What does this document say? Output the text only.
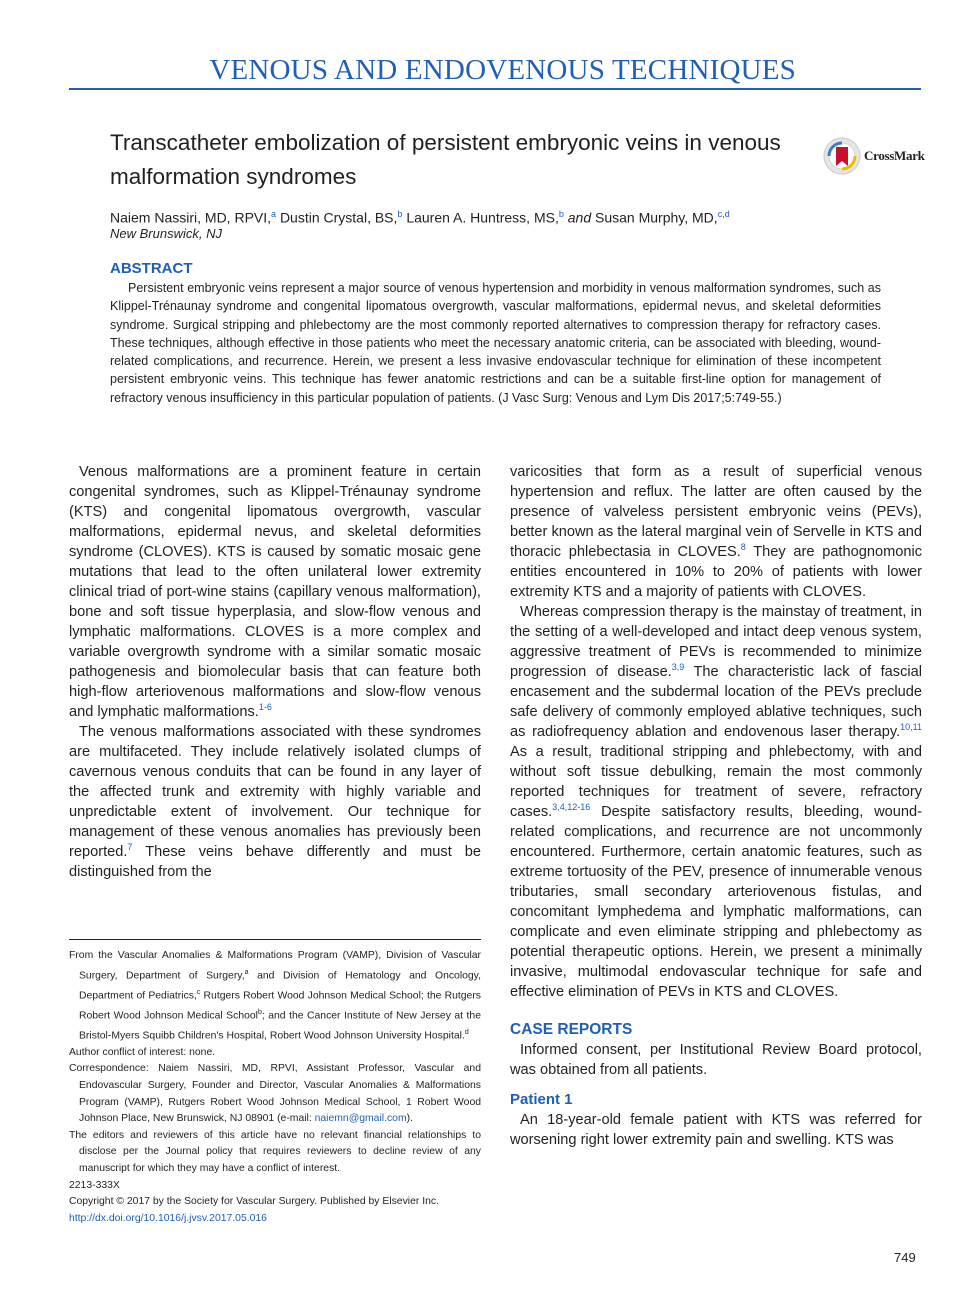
VENOUS AND ENDOVENOUS TECHNIQUES
Transcatheter embolization of persistent embryonic veins in venous malformation syndromes
CrossMark
Naiem Nassiri, MD, RPVI,$^a$ Dustin Crystal, BS,$^b$ Lauren A. Huntress, MS,$^b$ and Susan Murphy, MD,$^{c,d}$
New Brunswick, NJ
ABSTRACT

Persistent embryonic veins represent a major source of venous hypertension and morbidity in venous malformation syndromes, such as Klippel-Trénaunay syndrome and congenital lipomatous overgrowth, vascular malformations, epidermal nevus, and skeletal deformities syndrome. Surgical stripping and phlebectomy are the most commonly reported alternatives to compression therapy for refractory cases. These techniques, although effective in those patients who meet the necessary anatomic criteria, can be associated with bleeding, wound-related complications, and recurrence. Herein, we present a less invasive endovascular technique for elimination of these incompetent persistent embryonic veins. This technique has fewer anatomic restrictions and can be a suitable first-line option for management of refractory venous insufficiency in this particular population of patients. (J Vasc Surg: Venous and Lym Dis 2017;5:749-55.)

Venous malformations are a prominent feature in certain congenital syndromes, such as Klippel-Trénaunay syndrome (KTS) and congenital lipomatous overgrowth, vascular malformations, epidermal nevus, and skeletal deformities syndrome (CLOVES). KTS is caused by somatic mosaic gene mutations that lead to the often unilateral lower extremity clinical triad of port-wine stains (capillary venous malformation), bone and soft tissue hyperplasia, and slow-flow venous and lymphatic malformations. CLOVES is a more complex and variable overgrowth syndrome with a similar somatic mosaic pathogenesis and biomolecular basis that can feature both high-flow arteriovenous malformations and slow-flow venous and lymphatic malformations.$^{1-6}$

The venous malformations associated with these syndromes are multifaceted. They include relatively isolated clumps of cavernous venous conduits that can be found in any layer of the affected trunk and extremity with highly variable and unpredictable extent of involvement. Our technique for management of these venous anomalies has previously been reported.$^7$ These veins behave differently and must be distinguished from the

From the Vascular Anomalies & Malformations Program (VAMP), Division of Vascular Surgery, Department of Surgery,$^a$ and Division of Hematology and Oncology, Department of Pediatrics,$^c$ Rutgers Robert Wood Johnson Medical School; the Rutgers Robert Wood Johnson Medical School$^b$; and the Cancer Institute of New Jersey at the Bristol-Myers Squibb Children's Hospital, Robert Wood Johnson University Hospital.$^d$

Author conflict of interest: none.

Correspondence: Naiem Nassiri, MD, RPVI, Assistant Professor, Vascular and Endovascular Surgery, Founder and Director, Vascular Anomalies & Malformations Program (VAMP), Rutgers Robert Wood Johnson Medical School, 1 Robert Wood Johnson Place, New Brunswick, NJ 08901 (e-mail: naiemn@gmail.com).

The editors and reviewers of this article have no relevant financial relationships to disclose per the Journal policy that requires reviewers to decline review of any manuscript for which they may have a conflict of interest.

2213-333X

Copyright © 2017 by the Society for Vascular Surgery. Published by Elsevier Inc.

http://dx.doi.org/10.1016/j.jvsv.2017.05.016

varicosities that form as a result of superficial venous hypertension and reflux. The latter are often caused by the presence of valveless persistent embryonic veins (PEVs), better known as the lateral marginal vein of Servelle in KTS and thoracic phlebectasia in CLOVES.$^8$ They are pathognomonic entities encountered in 10% to 20% of patients with lower extremity KTS and a majority of patients with CLOVES.

Whereas compression therapy is the mainstay of treatment, in the setting of a well-developed and intact deep venous system, aggressive treatment of PEVs is recommended to minimize progression of disease.$^{3,9}$ The characteristic lack of fascial encasement and the subdermal location of the PEVs preclude safe delivery of commonly employed ablative techniques, such as radiofrequency ablation and endovenous laser therapy.$^{10,11}$ As a result, traditional stripping and phlebectomy, with and without soft tissue debulking, remain the most commonly reported techniques for treatment of severe, refractory cases.$^{3,4,12-16}$ Despite satisfactory results, bleeding, wound-related complications, and recurrence are not uncommonly encountered. Furthermore, certain anatomic features, such as extreme tortuosity of the PEV, presence of innumerable venous tributaries, small secondary arteriovenous fistulas, and concomitant lymphedema and lymphatic malformations, can complicate and even eliminate stripping and phlebectomy as potential therapeutic options. Herein, we present a minimally invasive, multimodal endovascular technique for safe and effective elimination of PEVs in KTS and CLOVES.

CASE REPORTS

Informed consent, per Institutional Review Board protocol, was obtained from all patients.

Patient 1

An 18-year-old female patient with KTS was referred for worsening right lower extremity pain and swelling. KTS was

749
